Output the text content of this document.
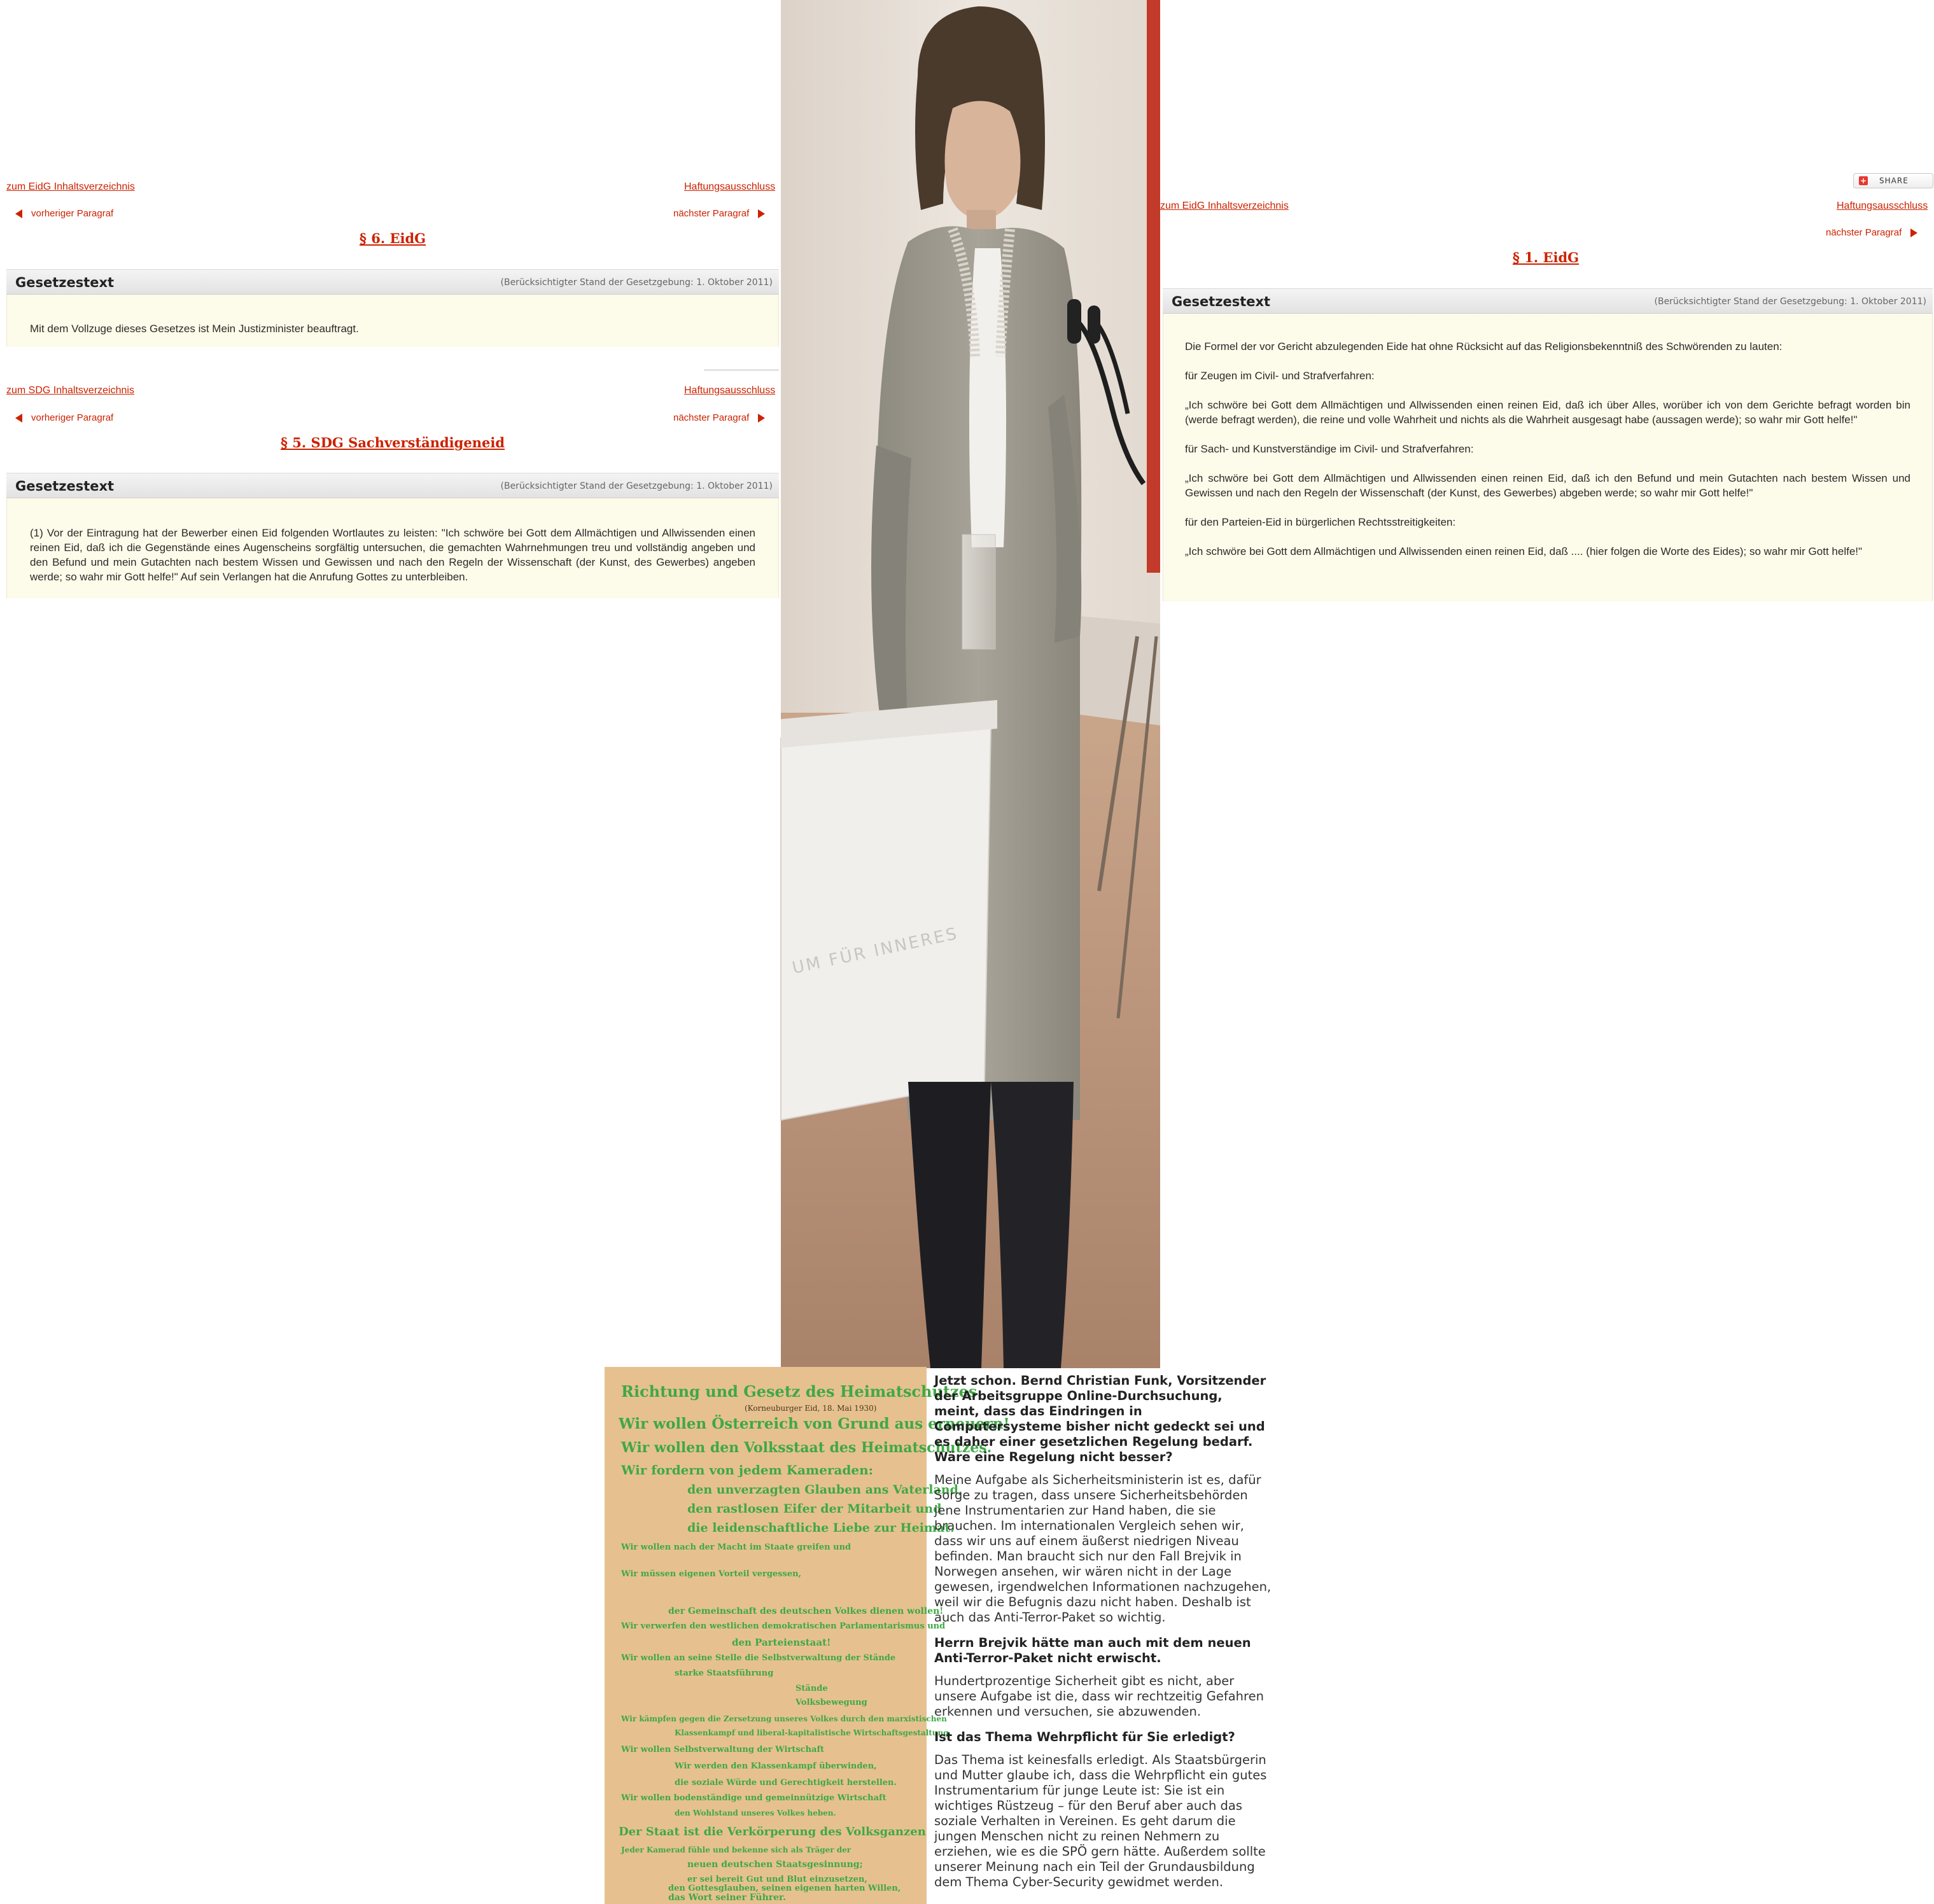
zum EidG Inhaltsverzeichnis	Haftungsausschluss
vorheriger Paragraf	nächster Paragraf
§ 6. EidG
Gesetzestext	(Berücksichtigter Stand der Gesetzgebung: 1. Oktober 2011)

Mit dem Vollzuge dieses Gesetzes ist Mein Justizminister beauftragt.

zum SDG Inhaltsverzeichnis	Haftungsausschluss
vorheriger Paragraf	nächster Paragraf
§ 5. SDG Sachverständigeneid
Gesetzestext	(Berücksichtigter Stand der Gesetzgebung: 1. Oktober 2011)

(1) Vor der Eintragung hat der Bewerber einen Eid folgenden Wortlautes zu leisten: "Ich schwöre bei Gott dem Allmächtigen und Allwissenden einen reinen Eid, daß ich die Gegenstände eines Augenscheins sorgfältig untersuchen, die gemachten Wahrnehmungen treu und vollständig angeben und den Befund und mein Gutachten nach bestem Wissen und Gewissen und nach den Regeln der Wissenschaft (der Kunst, des Gewerbes) angeben werde; so wahr mir Gott helfe!" Auf sein Verlangen hat die Anrufung Gottes zu unterbleiben.

UM FÜR INNERES
+ SHARE
zum EidG Inhaltsverzeichnis	Haftungsausschluss
nächster Paragraf
§ 1. EidG
Gesetzestext	(Berücksichtigter Stand der Gesetzgebung: 1. Oktober 2011)

Die Formel der vor Gericht abzulegenden Eide hat ohne Rücksicht auf das Religionsbekenntniß des Schwörenden zu lauten:

für Zeugen im Civil- und Strafverfahren:

„Ich schwöre bei Gott dem Allmächtigen und Allwissenden einen reinen Eid, daß ich über Alles, worüber ich von dem Gerichte befragt worden bin (werde befragt werden), die reine und volle Wahrheit und nichts als die Wahrheit ausgesagt habe (aussagen werde); so wahr mir Gott helfe!"

für Sach- und Kunstverständige im Civil- und Strafverfahren:

„Ich schwöre bei Gott dem Allmächtigen und Allwissenden einen reinen Eid, daß ich den Befund und mein Gutachten nach bestem Wissen und Gewissen und nach den Regeln der Wissenschaft (der Kunst, des Gewerbes) abgeben werde; so wahr mir Gott helfe!"

für den Parteien-Eid in bürgerlichen Rechtsstreitigkeiten:

„Ich schwöre bei Gott dem Allmächtigen und Allwissenden einen reinen Eid, daß .... (hier folgen die Worte des Eides); so wahr mir Gott helfe!"

Richtung und Gesetz des Heimatschutzes.
(Korneuburger Eid, 18. Mai 1930)
Wir wollen Österreich von Grund aus erneuern!
Wir wollen den Volksstaat des Heimatschutzes.
Wir fordern von jedem Kameraden:
den unverzagten Glauben ans Vaterland,
den rastlosen Eifer der Mitarbeit und
die leidenschaftliche Liebe zur Heimat.
Wir wollen nach der Macht im Staate greifen und
Wir müssen eigenen Vorteil vergessen,
der Gemeinschaft des deutschen Volkes dienen wollen!
Wir verwerfen den westlichen demokratischen Parlamentarismus und
den Parteienstaat!
Wir wollen an seine Stelle die Selbstverwaltung der Stände
starke Staatsführung
Stände
Volksbewegung
Wir kämpfen gegen die Zersetzung unseres Volkes durch den marxistischen
Klassenkampf und liberal-kapitalistische Wirtschaftsgestaltung.
Wir wollen Selbstverwaltung der Wirtschaft
Wir werden den Klassenkampf überwinden,
die soziale Würde und Gerechtigkeit herstellen.
Wir wollen bodenständige und gemeinnützige Wirtschaft
den Wohlstand unseres Volkes heben.
Der Staat ist die Verkörperung des Volksganzen
Jeder Kamerad fühle und bekenne sich als Träger der
neuen deutschen Staatsgesinnung;
er sei bereit Gut und Blut einzusetzen,
den Gottesglauben, seinen eigenen harten Willen,
das Wort seiner Führer.

Jetzt schon. Bernd Christian Funk, Vorsitzender der Arbeitsgruppe Online-Durchsuchung, meint, dass das Eindringen in Computersysteme bisher nicht gedeckt sei und es daher einer gesetzlichen Regelung bedarf. Wäre eine Regelung nicht besser?

Meine Aufgabe als Sicherheitsministerin ist es, dafür Sorge zu tragen, dass unsere Sicherheitsbehörden jene Instrumentarien zur Hand haben, die sie brauchen. Im internationalen Vergleich sehen wir, dass wir uns auf einem äußerst niedrigen Niveau befinden. Man braucht sich nur den Fall Brejvik in Norwegen ansehen, wir wären nicht in der Lage gewesen, irgendwelchen Informationen nachzugehen, weil wir die Befugnis dazu nicht haben. Deshalb ist auch das Anti-Terror-Paket so wichtig.

Herrn Brejvik hätte man auch mit dem neuen Anti-Terror-Paket nicht erwischt.

Hundertprozentige Sicherheit gibt es nicht, aber unsere Aufgabe ist die, dass wir rechtzeitig Gefahren erkennen und versuchen, sie abzuwenden.

Ist das Thema Wehrpflicht für Sie erledigt?

Das Thema ist keinesfalls erledigt. Als Staatsbürgerin und Mutter glaube ich, dass die Wehrpflicht ein gutes Instrumentarium für junge Leute ist: Sie ist ein wichtiges Rüstzeug – für den Beruf aber auch das soziale Verhalten in Vereinen. Es geht darum die jungen Menschen nicht zu reinen Nehmern zu erziehen, wie es die SPÖ gern hätte. Außerdem sollte unserer Meinung nach ein Teil der Grundausbildung dem Thema Cyber-Security gewidmet werden.
